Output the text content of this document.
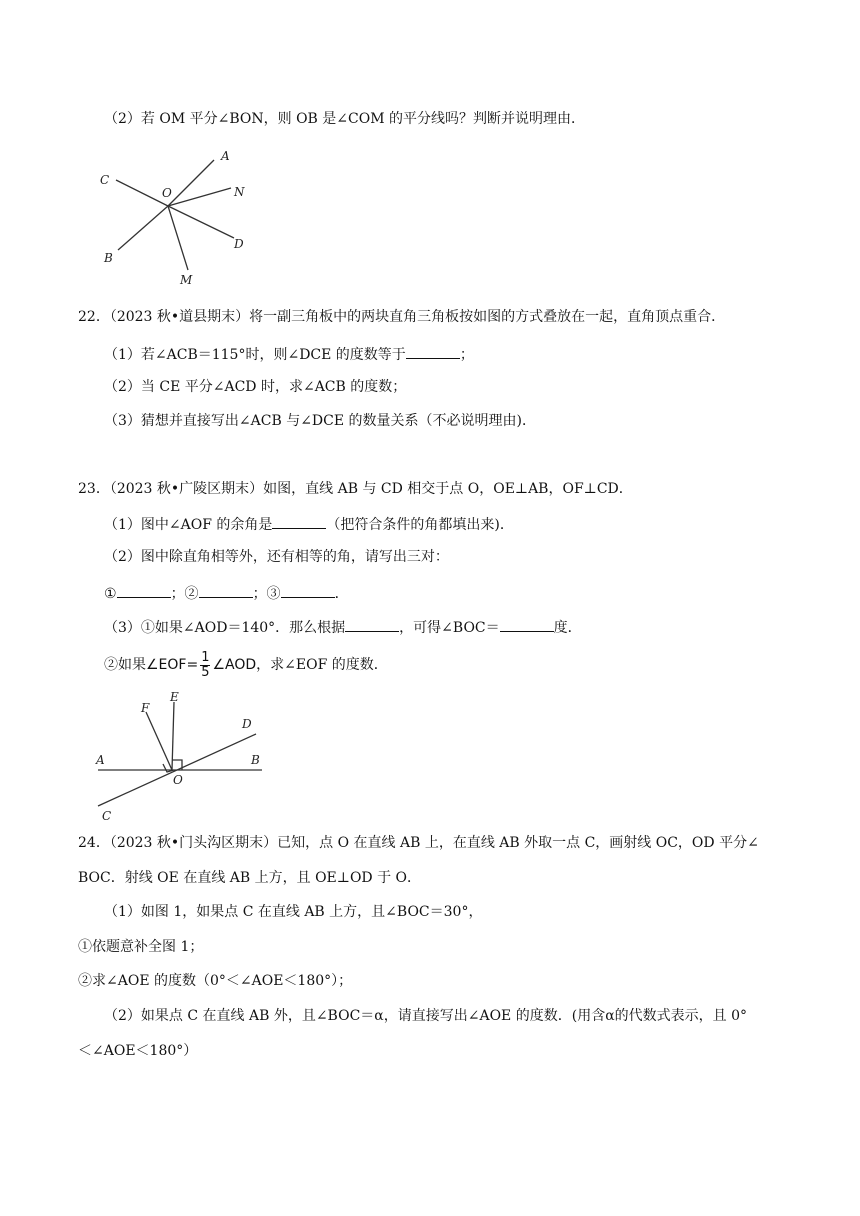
（2）若 OM 平分∠BON，则 OB 是∠COM 的平分线吗？判断并说明理由．
A
C
O	N
D
B
M
22．（2023 秋•道县期末）将一副三角板中的两块直角三角板按如图的方式叠放在一起，直角顶点重合．
（1）若∠ACB＝115°时，则∠DCE 的度数等于	；
（2）当 CE 平分∠ACD 时，求∠ACB 的度数；
（3）猜想并直接写出∠ACB 与∠DCE 的数量关系（不必说明理由)．
23．（2023 秋•广陵区期末）如图，直线 AB 与 CD 相交于点 O，OE⊥AB，OF⊥CD．
（1）图中∠AOF 的余角是	（把符合条件的角都填出来)．
（2）图中除直角相等外，还有相等的角，请写出三对：
①	；②	；③	．
（3）①如果∠AOD＝140°．那么根据	，可得∠BOC＝	度．
②如果∠EOF= $\frac{1}{5}$ ∠AOD，求∠EOF 的度数．
F
E
D
A
O
B
C
24．（2023 秋•门头沟区期末）已知，点 O 在直线 AB 上，在直线 AB 外取一点 C，画射线 OC，OD 平分∠
BOC．射线 OE 在直线 AB 上方，且 OE⊥OD 于 O．
（1）如图 1，如果点 C 在直线 AB 上方，且∠BOC＝30°，
①依题意补全图 1；
②求∠AOE 的度数（0°＜∠AOE＜180°）；
（2）如果点 C 在直线 AB 外，且∠BOC＝α，请直接写出∠AOE 的度数．(用含α的代数式表示，且 0°
＜∠AOE＜180°）
